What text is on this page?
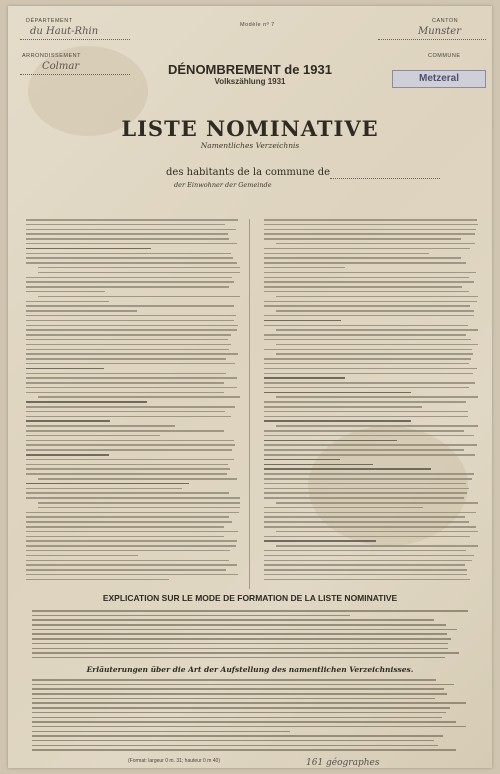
DÉPARTEMENT
du Haut-Rhin
ARRONDISSEMENT
Colmar
Modèle nº 7
CANTON
Munster
COMMUNE
Metzeral
DÉNOMBREMENT de 1931
Volkszählung 1931
LISTE NOMINATIVE
Namentliches Verzeichnis
des habitants de la commune de
der Einwohner der Gemeinde
EXPLICATION SUR LE MODE DE FORMATION DE LA LISTE NOMINATIVE
Erläuterungen über die Art der Aufstellung des namentlichen Verzeichnisses.
(Format: largeur 0 m. 31; hauteur 0 m 40)	161 géographes
